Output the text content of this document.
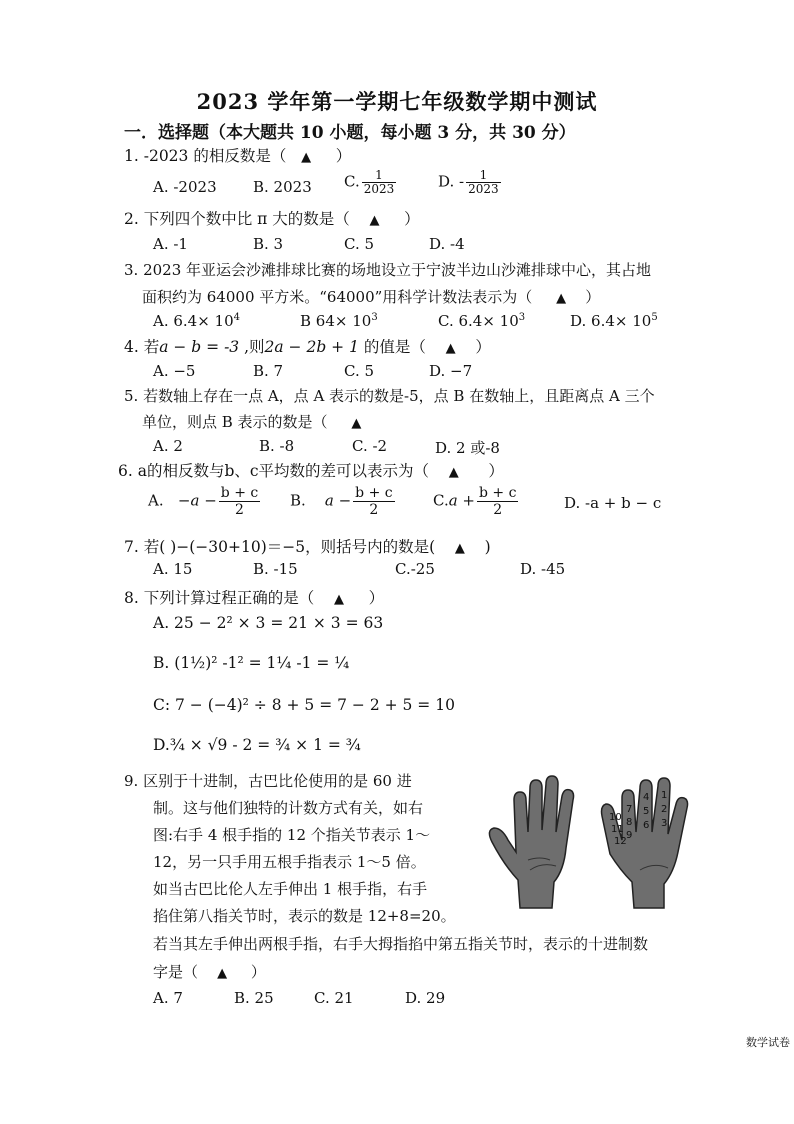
2023 学年第一学期七年级数学期中测试
一．选择题（本大题共 10 小题，每小题 3 分，共 30 分）
1. -2023 的相反数是（ ▲     ）
A. -2023 B. 2023 C. $\frac{1}{2023}$	D. - $\frac{1}{2023}$
2. 下列四个数中比 π 大的数是（ ▲     ）
A. -1	B. 3	C. 5	D. -4
3. 2023 年亚运会沙滩排球比赛的场地设立于宁波半边山沙滩排球中心，其占地
面积约为 64000 平方米。“64000”用科学计数法表示为（ ▲    ）
A. $6.4\times 10^4$	B $64\times 10^3$	C. $6.4\times 10^3$	D. $6.4\times 10^5$
4. 若a − b = -3 ,则2a − 2b + 1 的值是（ ▲    ）
A. −5	B. 7	C. 5	D. −7
5. 若数轴上存在一点 A，点 A 表示的数是-5，点 B 在数轴上，且距离点 A 三个
单位，则点 B 表示的数是（ ▲
A. 2	B. -8	C. -2	D. 2 或-8
6. a的相反数与b、c平均数的差可以表示为（ ▲      ）
A. $-a - \frac{b + c}{2} B$. $a - \frac{b + c}{2}$	$C.a + \frac{b + c}{2}$	D. -a + b − c
7. 若( )−(−30+10)＝−5，则括号内的数是( ▲    )
A. 15	B. -15	C.-25	D. -45
8. 下列计算过程正确的是（ ▲     ）
A. 25 − 2² × 3 = 21 × 3 = 63
B. (1½)² -1² = 1¼ -1 = ¼
C: 7 − (−4)² ÷ 8 + 5 = 7 − 2 + 5 = 10
D.¾ × √9 - 2 = ¾ × 1 = ¾
9. 区别于十进制，古巴比伦使用的是 60 进
制。这与他们独特的计数方式有关，如右
图:右手 4 根手指的 12 个指关节表示 1～
12，另一只手用五根手指表示 1～5 倍。
如当古巴比伦人左手伸出 1 根手指，右手
掐住第八指关节时，表示的数是 12+8=20。
若当其左手伸出两根手指，右手大拇指掐中第五指关节时，表示的十进制数
字是（ ▲     ）
A. 7	B. 25	C. 21	D. 29
10
11
12
7
8
9
4
5
6
1
2
3
数学试卷
